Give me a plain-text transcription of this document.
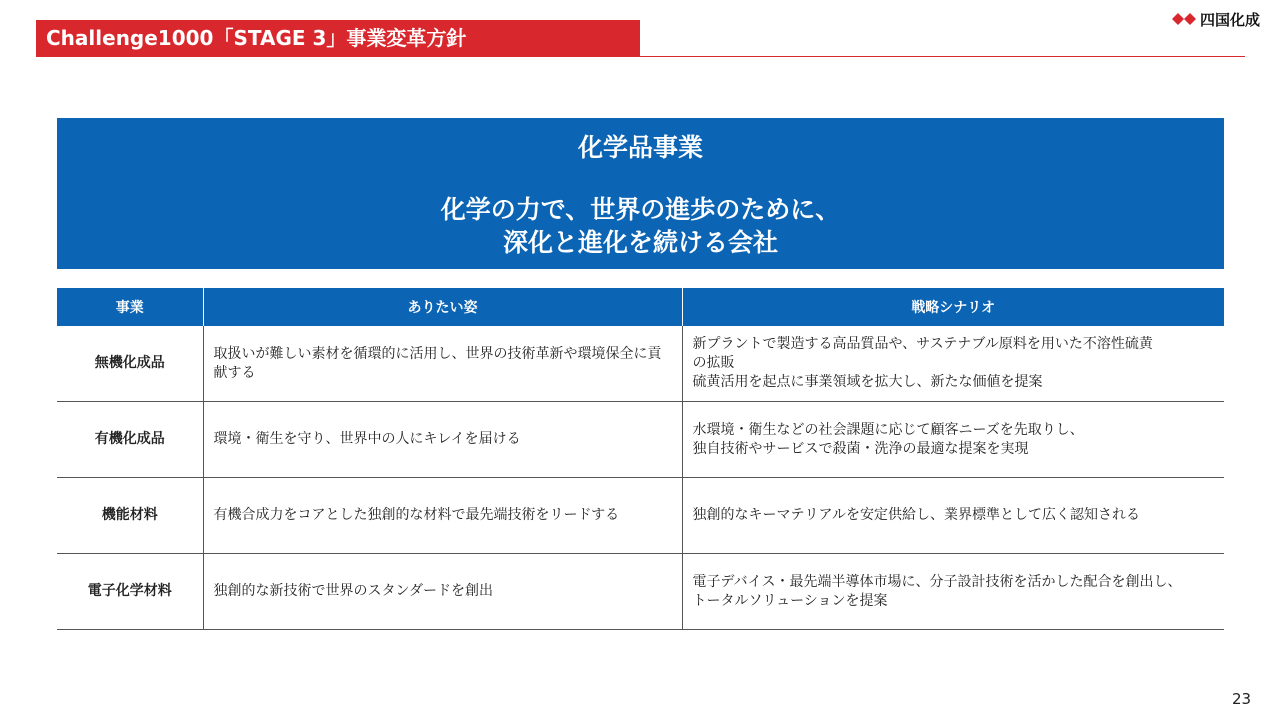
Challenge1000「STAGE 3」事業変革方針
四国化成
化学品事業
化学の力で、世界の進歩のために、
深化と進化を続ける会社
事業	ありたい姿	戦略シナリオ
無機化成品	取扱いが難しい素材を循環的に活用し、世界の技術革新や環境保全に貢献する	新プラントで製造する高品質品や、サステナブル原料を用いた不溶性硫黄
の拡販
硫黄活用を起点に事業領域を拡大し、新たな価値を提案

有機化成品	環境・衛生を守り、世界中の人にキレイを届ける	水環境・衛生などの社会課題に応じて顧客ニーズを先取りし、
独自技術やサービスで殺菌・洗浄の最適な提案を実現

機能材料	有機合成力をコアとした独創的な材料で最先端技術をリードする	独創的なキーマテリアルを安定供給し、業界標準として広く認知される

電子化学材料	独創的な新技術で世界のスタンダードを創出	電子デバイス・最先端半導体市場に、分子設計技術を活かした配合を創出し、
トータルソリューションを提案
23
